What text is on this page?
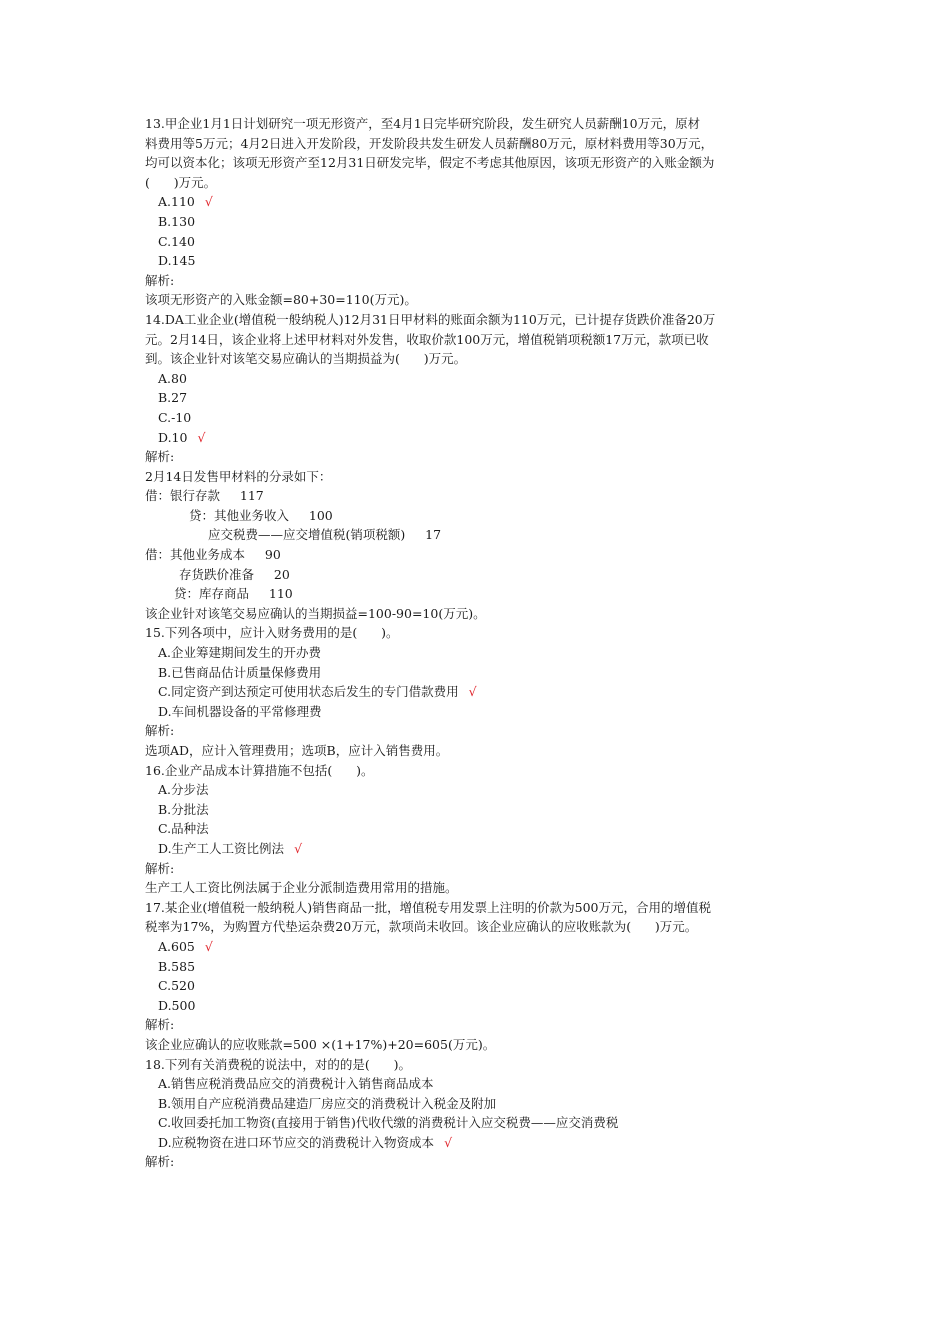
13.甲企业1月1日计划研究一项无形资产，至4月1日完毕研究阶段，发生研究人员薪酬10万元，原材
料费用等5万元；4月2日进入开发阶段，开发阶段共发生研发人员薪酬80万元，原材料费用等30万元，
均可以资本化；该项无形资产至12月31日研发完毕，假定不考虑其他原因，该项无形资产的入账金额为
(      )万元。
A.110 √
B.130
C.140
D.145
解析:
该项无形资产的入账金额=80+30=110(万元)。
14.DA工业企业(增值税一般纳税人)12月31日甲材料的账面余额为110万元，已计提存货跌价准备20万
元。2月14日，该企业将上述甲材料对外发售，收取价款100万元，增值税销项税额17万元，款项已收
到。该企业针对该笔交易应确认的当期损益为(      )万元。
A.80
B.27
C.-10
D.10 √
解析:
2月14日发售甲材料的分录如下：
借：银行存款     117
贷：其他业务收入     100
应交税费——应交增值税(销项税额)     17
借：其他业务成本     90
存货跌价准备     20
贷：库存商品     110
该企业针对该笔交易应确认的当期损益=100-90=10(万元)。
15.下列各项中，应计入财务费用的是(      )。
A.企业筹建期间发生的开办费
B.已售商品估计质量保修费用
C.同定资产到达预定可使用状态后发生的专门借款费用 √
D.车间机器设备的平常修理费
解析:
选项AD，应计入管理费用；选项B，应计入销售费用。
16.企业产品成本计算措施不包括(      )。
A.分步法
B.分批法
C.品种法
D.生产工人工资比例法 √
解析:
生产工人工资比例法属于企业分派制造费用常用的措施。
17.某企业(增值税一般纳税人)销售商品一批，增值税专用发票上注明的价款为500万元，合用的增值税
税率为17%，为购置方代垫运杂费20万元，款项尚未收回。该企业应确认的应收账款为(      )万元。
A.605 √
B.585
C.520
D.500
解析:
该企业应确认的应收账款=500 ×(1+17%)+20=605(万元)。
18.下列有关消费税的说法中，对的的是(      )。
A.销售应税消费品应交的消费税计入销售商品成本
B.领用自产应税消费品建造厂房应交的消费税计入税金及附加
C.收回委托加工物资(直接用于销售)代收代缴的消费税计入应交税费——应交消费税
D.应税物资在进口环节应交的消费税计入物资成本 √
解析:
